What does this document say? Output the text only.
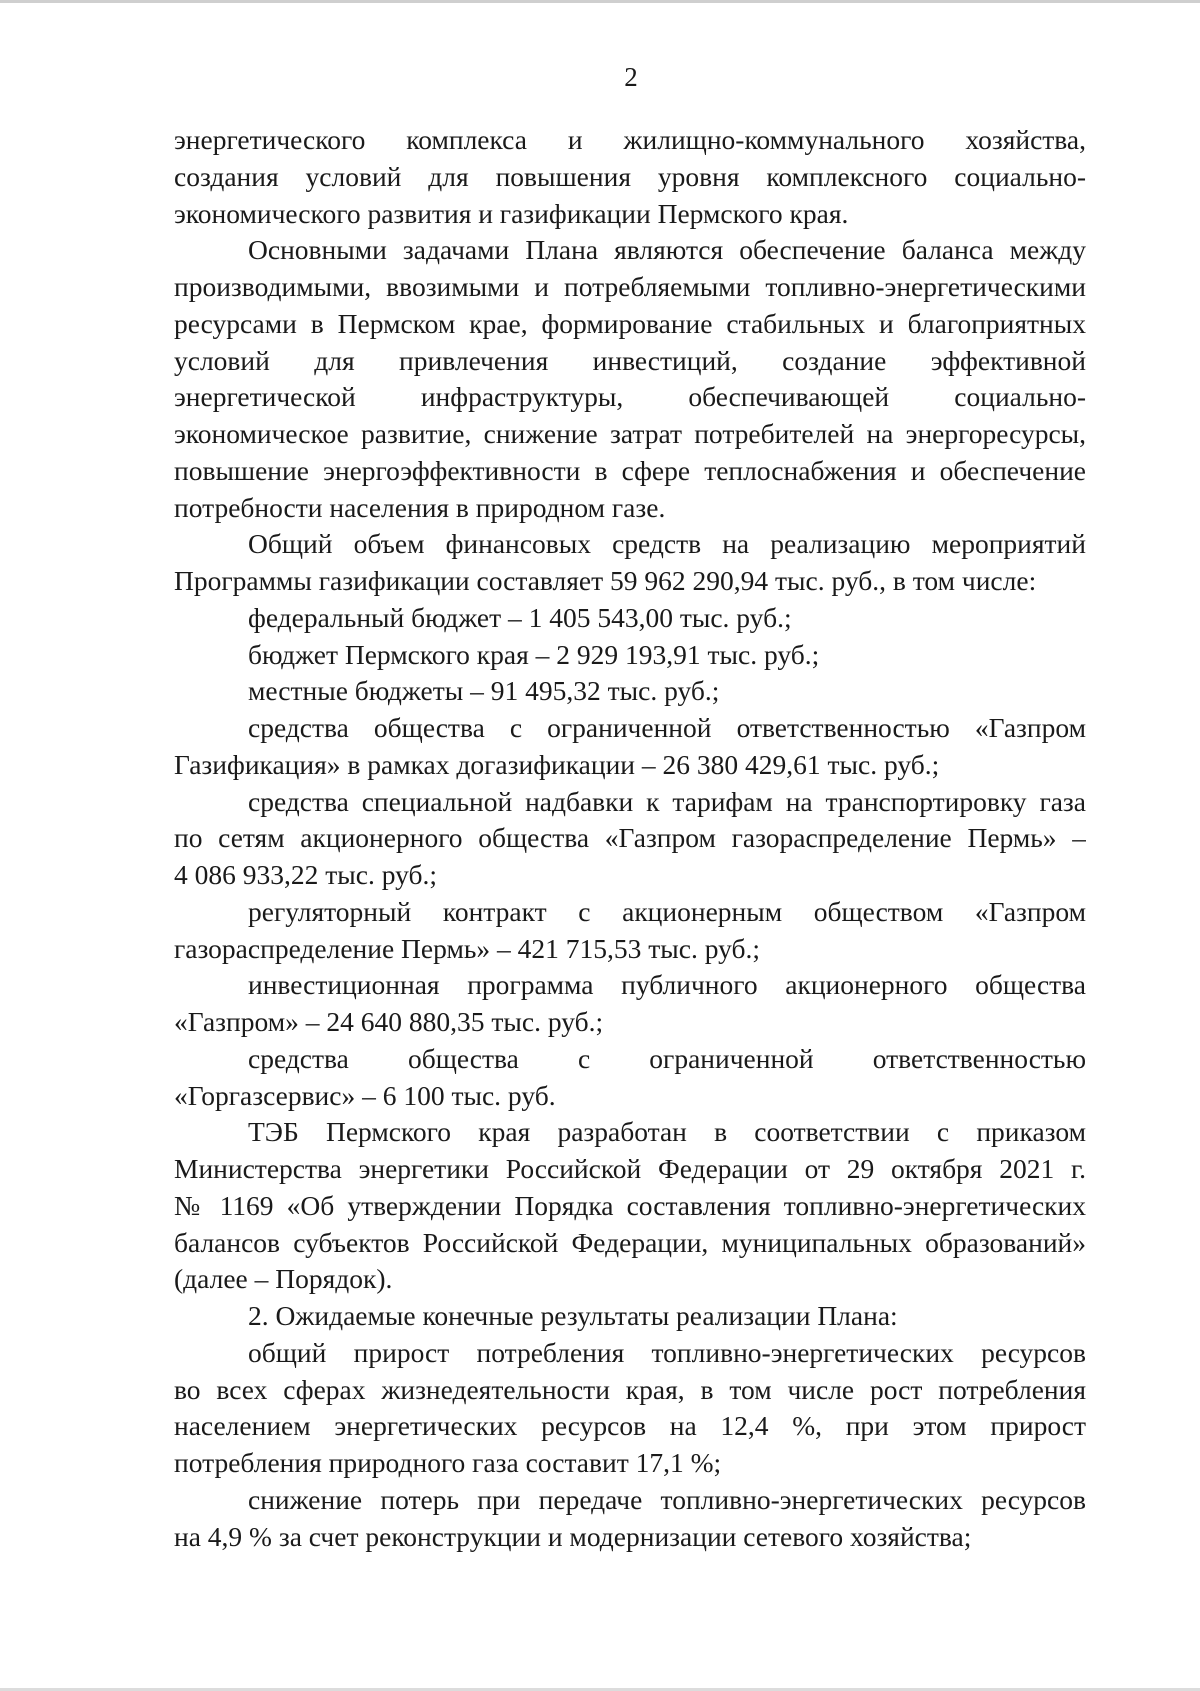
2
энергетического комплекса и жилищно-коммунального хозяйства,
создания условий для повышения уровня комплексного социально-
экономического развития и газификации Пермского края.
Основными задачами Плана являются обеспечение баланса между
производимыми, ввозимыми и потребляемыми топливно-энергетическими
ресурсами в Пермском крае, формирование стабильных и благоприятных
условий для привлечения инвестиций, создание эффективной
энергетической инфраструктуры, обеспечивающей социально-
экономическое развитие, снижение затрат потребителей на энергоресурсы,
повышение энергоэффективности в сфере теплоснабжения и обеспечение
потребности населения в природном газе.
Общий объем финансовых средств на реализацию мероприятий
Программы газификации составляет 59 962 290,94 тыс. руб., в том числе:
федеральный бюджет – 1 405 543,00 тыс. руб.;
бюджет Пермского края – 2 929 193,91 тыс. руб.;
местные бюджеты – 91 495,32 тыс. руб.;
средства общества с ограниченной ответственностью «Газпром
Газификация» в рамках догазификации – 26 380 429,61 тыс. руб.;
средства специальной надбавки к тарифам на транспортировку газа
по сетям акционерного общества «Газпром газораспределение Пермь» –
4 086 933,22 тыс. руб.;
регуляторный контракт с акционерным обществом «Газпром
газораспределение Пермь» – 421 715,53 тыс. руб.;
инвестиционная программа публичного акционерного общества
«Газпром» – 24 640 880,35 тыс. руб.;
средства общества с ограниченной ответственностью
«Горгазсервис» – 6 100 тыс. руб.
ТЭБ Пермского края разработан в соответствии с приказом
Министерства энергетики Российской Федерации от 29 октября 2021 г.
№ 1169 «Об утверждении Порядка составления топливно-энергетических
балансов субъектов Российской Федерации, муниципальных образований»
(далее – Порядок).
2. Ожидаемые конечные результаты реализации Плана:
общий прирост потребления топливно-энергетических ресурсов
во всех сферах жизнедеятельности края, в том числе рост потребления
населением энергетических ресурсов на 12,4 %, при этом прирост
потребления природного газа составит 17,1 %;
снижение потерь при передаче топливно-энергетических ресурсов
на 4,9 % за счет реконструкции и модернизации сетевого хозяйства;
